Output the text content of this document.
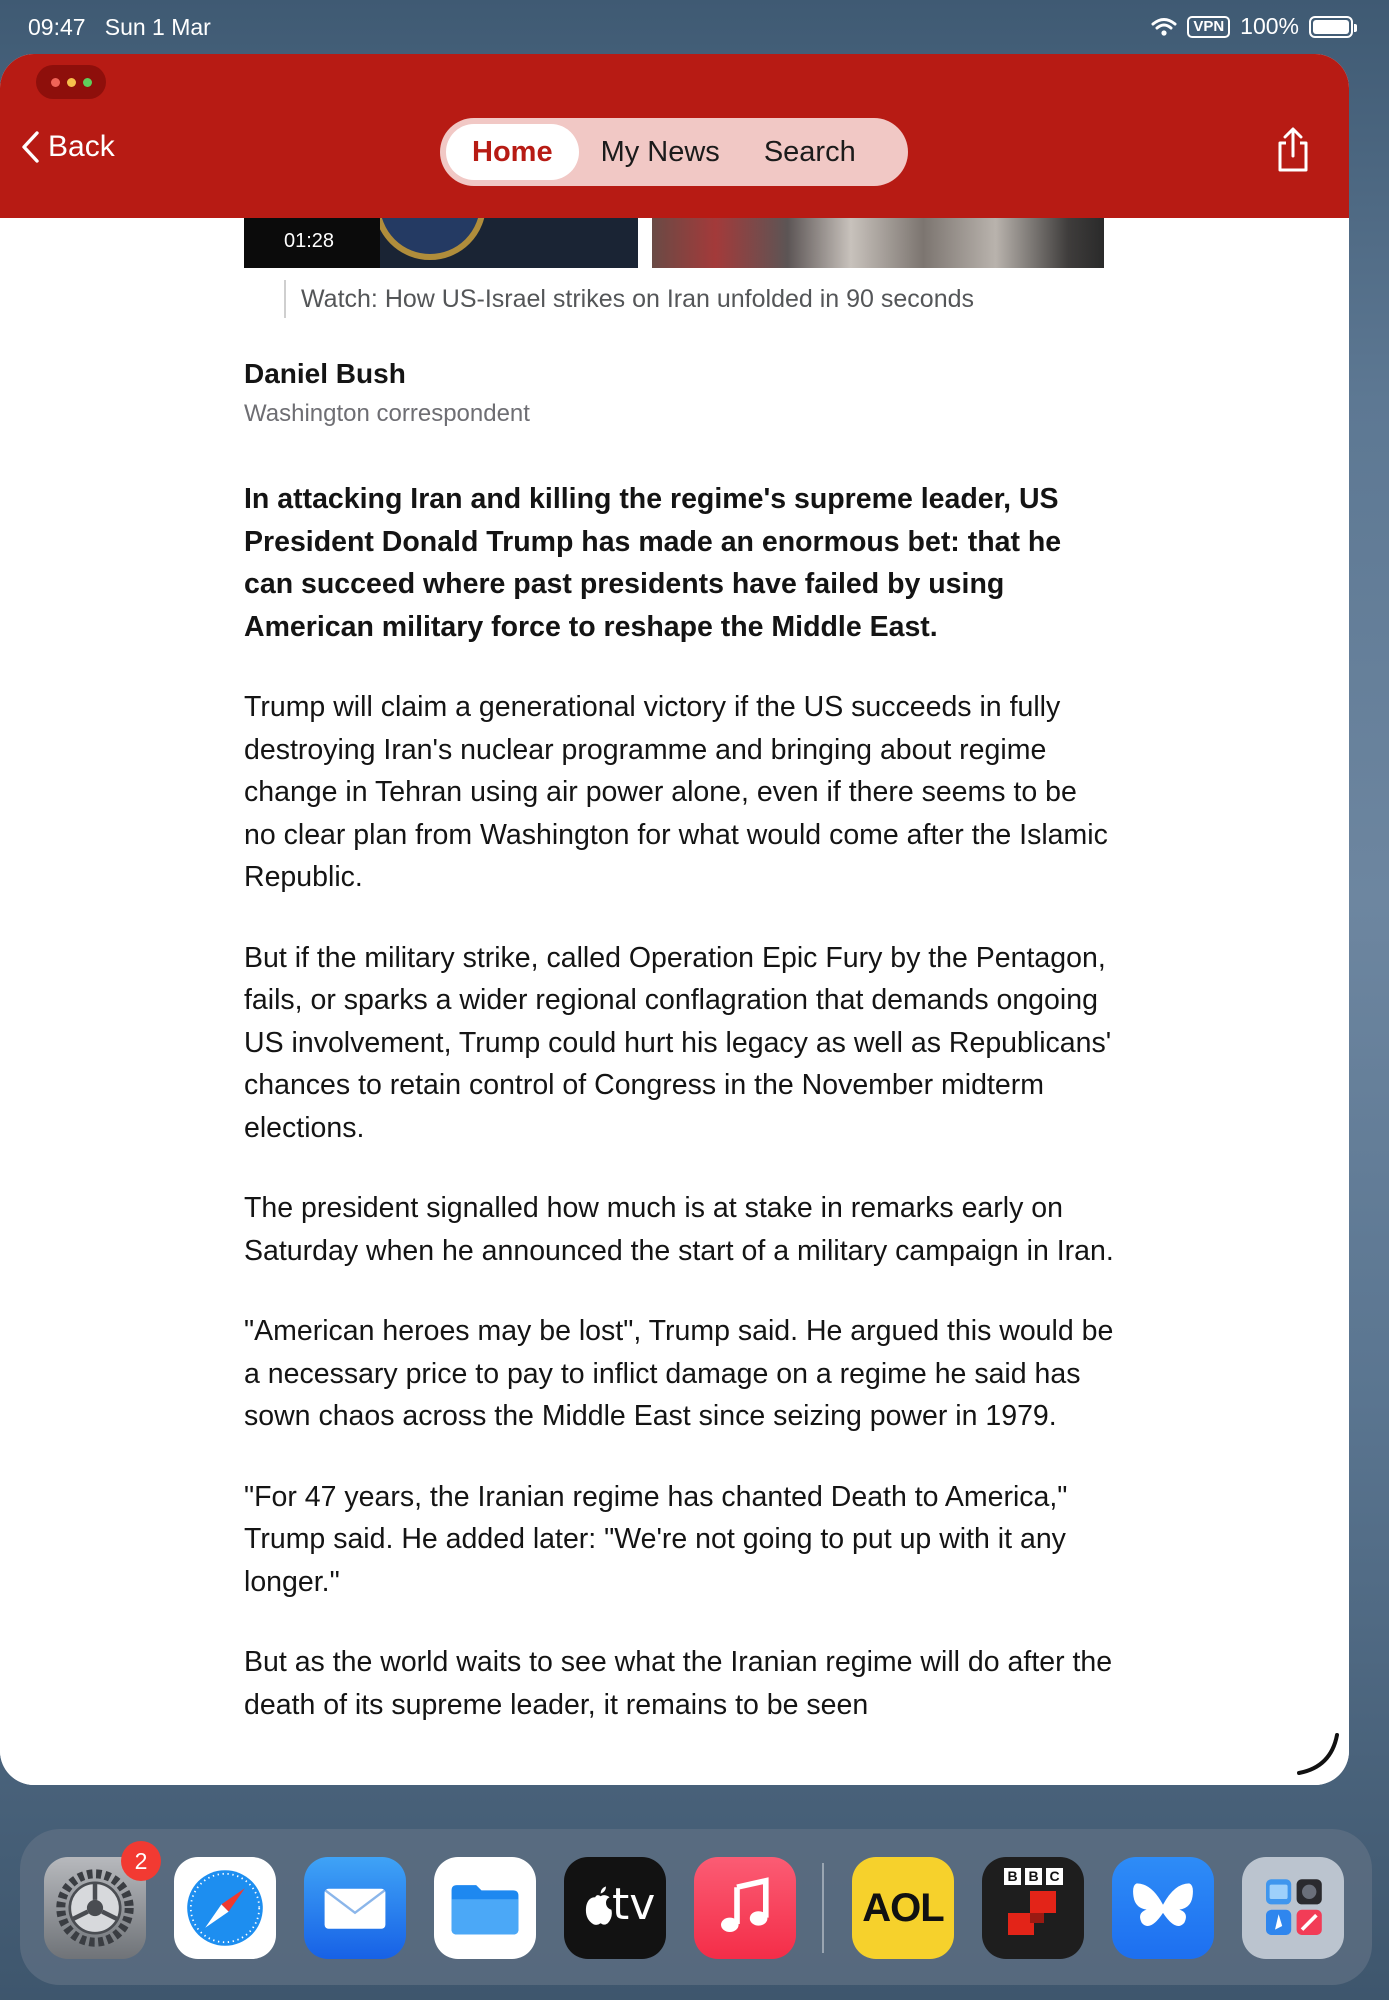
09:47 Sun 1 Mar	VPN 100%
Back	Home	My News	Search
01:28
Watch: How US-Israel strikes on Iran unfolded in 90 seconds
Daniel Bush
Washington correspondent

In attacking Iran and killing the regime's supreme leader, US President Donald Trump has made an enormous bet: that he can succeed where past presidents have failed by using American military force to reshape the Middle East.

Trump will claim a generational victory if the US succeeds in fully destroying Iran's nuclear programme and bringing about regime change in Tehran using air power alone, even if there seems to be no clear plan from Washington for what would come after the Islamic Republic.

But if the military strike, called Operation Epic Fury by the Pentagon, fails, or sparks a wider regional conflagration that demands ongoing US involvement, Trump could hurt his legacy as well as Republicans' chances to retain control of Congress in the November midterm elections.

The president signalled how much is at stake in remarks early on Saturday when he announced the start of a military campaign in Iran.

"American heroes may be lost", Trump said. He argued this would be a necessary price to pay to inflict damage on a regime he said has sown chaos across the Middle East since seizing power in 1979.

"For 47 years, the Iranian regime has chanted Death to America," Trump said. He added later: "We're not going to put up with it any longer."

But as the world waits to see what the Iranian regime will do after the death of its supreme leader, it remains to be seen

2
tv	AOL
B B C
